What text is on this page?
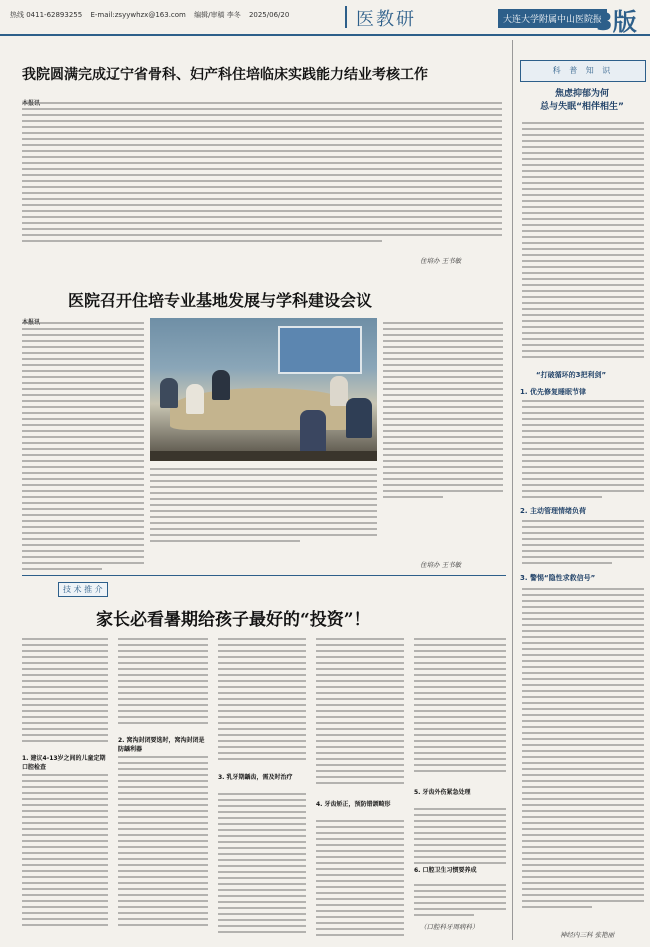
热线 0411-62893255 E-mail:zsyywhzx@163.com 编辑/审稿 李冬 2025/06/20	医教研	大连大学附属中山医院报
3版
我院圆满完成辽宁省骨科、妇产科住培临床实践能力结业考核工作
住培办 王书敏
医院召开住培专业基地发展与学科建设会议
住培办 王书敏
技 术 推 介
家长必看暑期给孩子最好的“投资”！
1. 建议4-13岁之间的儿童定期口腔检查
2. 窝沟封闭要选时，窝沟封闭是防龋利器
3. 乳牙期龋齿，需及时治疗
4. 牙齿矫正，预防错颌畸形
5. 牙齿外伤紧急处理
6. 口腔卫生习惯要养成
（口腔科牙周病科）
科 普 知 识
焦虑抑郁为何
总与失眠“相伴相生”
“打破循环的3把利剑”
1. 优先修复睡眠节律
2. 主动管理情绪负荷
3. 警惕“隐性求救信号”
神经内三科 张艳丽
